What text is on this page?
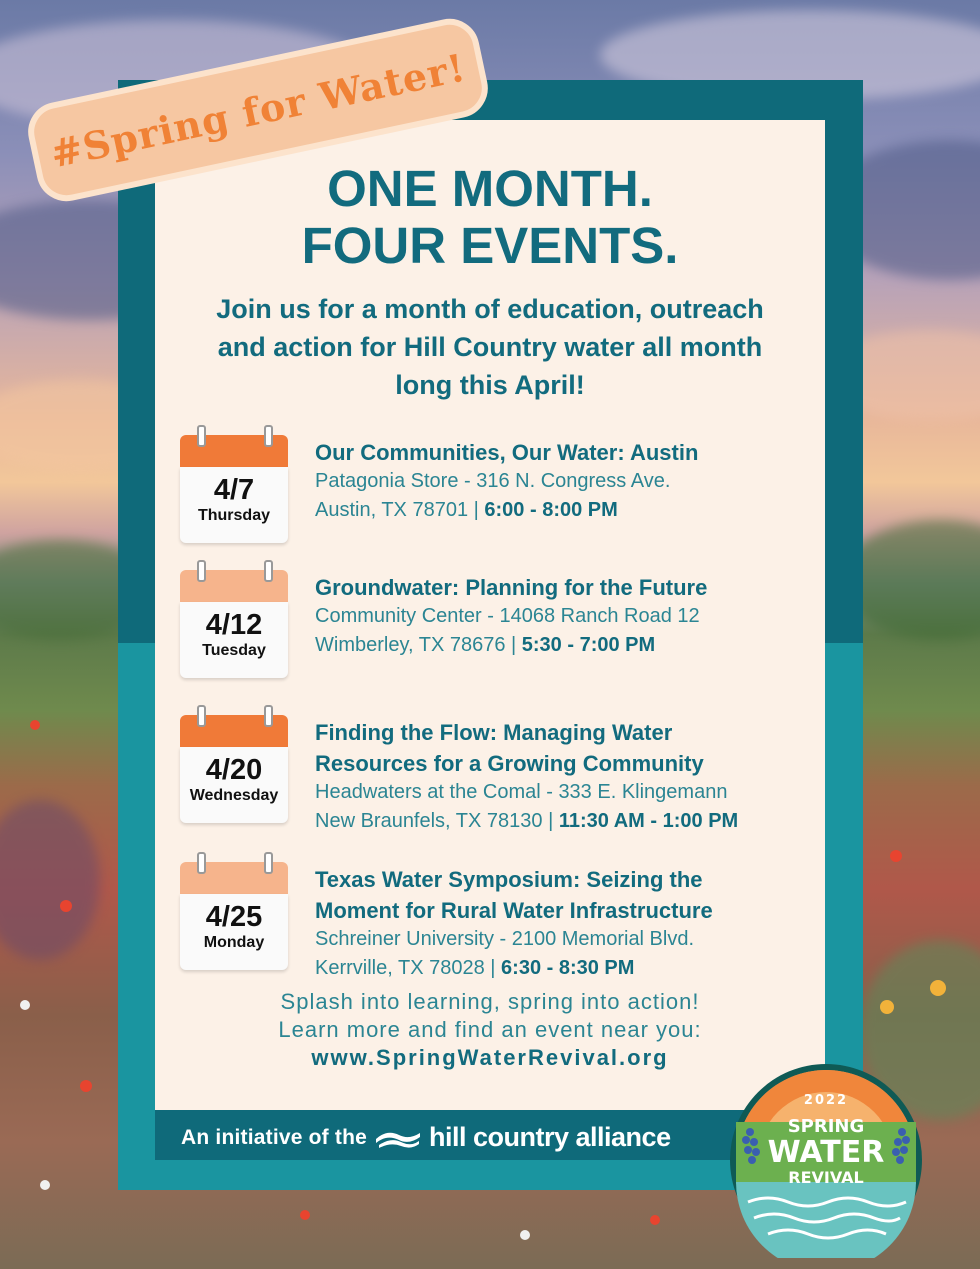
#Spring for Water!
ONE MONTH.
FOUR EVENTS.
Join us for a month of education, outreach and action for Hill Country water all month long this April!
4/7
Thursday
Our Communities, Our Water: Austin
Patagonia Store - 316 N. Congress Ave.
Austin, TX 78701 | 6:00 - 8:00 PM
4/12
Tuesday
Groundwater: Planning for the Future
Community Center - 14068 Ranch Road 12
Wimberley, TX 78676 | 5:30 - 7:00 PM
4/20
Wednesday
Finding the Flow: Managing Water
Resources for a Growing Community
Headwaters at the Comal - 333 E. Klingemann
New Braunfels, TX 78130 | 11:30 AM - 1:00 PM
4/25
Monday
Texas Water Symposium: Seizing the
Moment for Rural Water Infrastructure
Schreiner University - 2100 Memorial Blvd.
Kerrville, TX 78028 | 6:30 - 8:30 PM
Splash into learning, spring into action!
Learn more and find an event near you:
www.SpringWaterRevival.org
An initiative of the hill country alliance
2022
SPRING
WATER
REVIVAL
